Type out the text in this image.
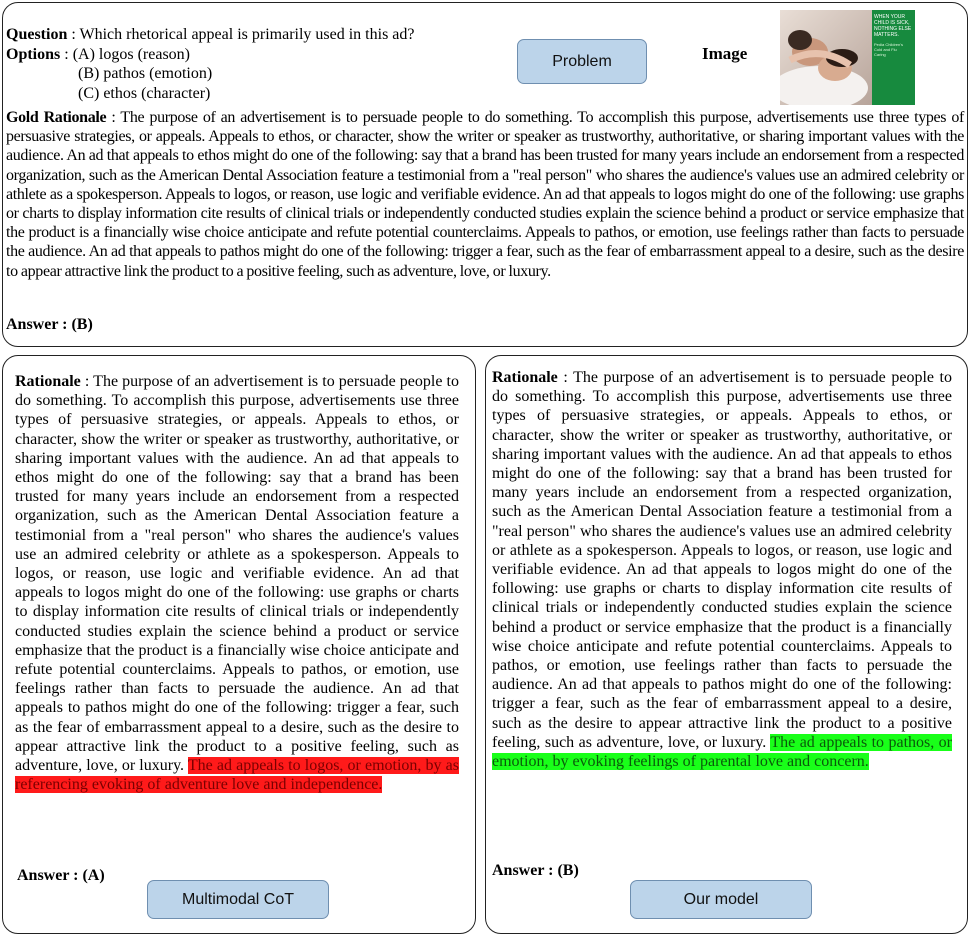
Question : Which rhetorical appeal is primarily used in this ad?
Options : (A) logos (reason)
(B) pathos (emotion)
(C) ethos (character)
Problem	Image
WHEN YOUR
CHILD IS SICK,
NOTHING ELSE
MATTERS.
Pedia Children's
Cold and Flu
Caring
Gold Rationale : The purpose of an advertisement is to persuade people to do something. To accomplish this purpose, advertisements use three types of persuasive strategies, or appeals. Appeals to ethos, or character, show the writer or speaker as trustworthy, authoritative, or sharing important values with the audience. An ad that appeals to ethos might do one of the following: say that a brand has been trusted for many years include an endorsement from a respected organization, such as the American Dental Association feature a testimonial from a "real person" who shares the audience's values use an admired celebrity or athlete as a spokesperson. Appeals to logos, or reason, use logic and verifiable evidence. An ad that appeals to logos might do one of the following: use graphs or charts to display information cite results of clinical trials or independently conducted studies explain the science behind a product or service emphasize that the product is a financially wise choice anticipate and refute potential counterclaims. Appeals to pathos, or emotion, use feelings rather than facts to persuade the audience. An ad that appeals to pathos might do one of the following: trigger a fear, such as the fear of embarrassment appeal to a desire, such as the desire to appear attractive link the product to a positive feeling, such as adventure, love, or luxury.
Answer : (B)
Rationale : The purpose of an advertisement is to persuade people to do something. To accomplish this purpose, advertisements use three types of persuasive strategies, or appeals. Appeals to ethos, or character, show the writer or speaker as trustworthy, authoritative, or sharing important values with the audience. An ad that appeals to ethos might do one of the following: say that a brand has been trusted for many years include an endorsement from a respected organization, such as the American Dental Association feature a testimonial from a "real person" who shares the audience's values use an admired celebrity or athlete as a spokesperson. Appeals to logos, or reason, use logic and verifiable evidence. An ad that appeals to logos might do one of the following: use graphs or charts to display information cite results of clinical trials or independently conducted studies explain the science behind a product or service emphasize that the product is a financially wise choice anticipate and refute potential counterclaims. Appeals to pathos, or emotion, use feelings rather than facts to persuade the audience. An ad that appeals to pathos might do one of the following: trigger a fear, such as the fear of embarrassment appeal to a desire, such as the desire to appear attractive link the product to a positive feeling, such as adventure, love, or luxury. The ad appeals to logos, or emotion, by as referencing evoking of adventure love and independence.
Answer : (A)
Multimodal CoT
Rationale : The purpose of an advertisement is to persuade people to do something. To accomplish this purpose, advertisements use three types of persuasive strategies, or appeals. Appeals to ethos, or character, show the writer or speaker as trustworthy, authoritative, or sharing important values with the audience. An ad that appeals to ethos might do one of the following: say that a brand has been trusted for many years include an endorsement from a respected organization, such as the American Dental Association feature a testimonial from a "real person" who shares the audience's values use an admired celebrity or athlete as a spokesperson. Appeals to logos, or reason, use logic and verifiable evidence. An ad that appeals to logos might do one of the following: use graphs or charts to display information cite results of clinical trials or independently conducted studies explain the science behind a product or service emphasize that the product is a financially wise choice anticipate and refute potential counterclaims. Appeals to pathos, or emotion, use feelings rather than facts to persuade the audience. An ad that appeals to pathos might do one of the following: trigger a fear, such as the fear of embarrassment appeal to a desire, such as the desire to appear attractive link the product to a positive feeling, such as adventure, love, or luxury. The ad appeals to pathos, or emotion, by evoking feelings of parental love and concern.
Answer : (B)
Our model
